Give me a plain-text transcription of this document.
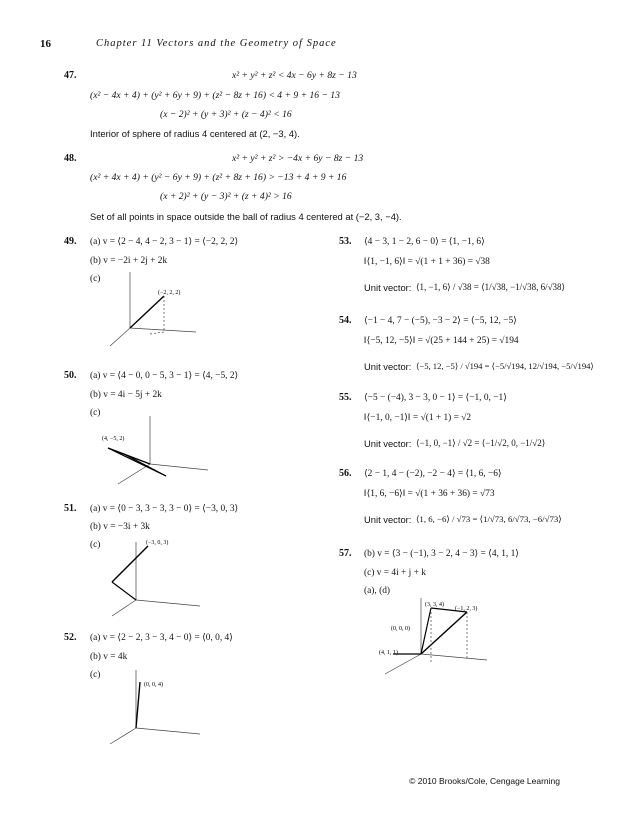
16	Chapter 11 Vectors and the Geometry of Space
47.	x² + y² + z² < 4x − 6y + 8z − 13
(x² − 4x + 4) + (y² + 6y + 9) + (z² − 8z + 16) < 4 + 9 + 16 − 13
(x − 2)² + (y + 3)² + (z − 4)² < 16
Interior of sphere of radius 4 centered at (2, −3, 4).
48.	x² + y² + z² > −4x + 6y − 8z − 13
(x² + 4x + 4) + (y² − 6y + 9) + (z² + 8z + 16) > −13 + 4 + 9 + 16
(x + 2)² + (y − 3)² + (z + 4)² > 16
Set of all points in space outside the ball of radius 4 centered at (−2, 3, −4).
49. (a) v = ⟨2 − 4, 4 − 2, 3 − 1⟩ = ⟨−2, 2, 2⟩
(b) v = −2i + 2j + 2k
(c)
(−2, 2, 2)
50. (a) v = ⟨4 − 0, 0 − 5, 3 − 1⟩ = ⟨4, −5, 2⟩
(b) v = 4i − 5j + 2k
(c)
(4, −5, 2)
51. (a) v = ⟨0 − 3, 3 − 3, 3 − 0⟩ = ⟨−3, 0, 3⟩
(b) v = −3i + 3k
(c)	(−3, 0, 3)
52. (a) v = ⟨2 − 2, 3 − 3, 4 − 0⟩ = ⟨0, 0, 4⟩
(b) v = 4k
(c)
(0, 0, 4)
53. ⟨4 − 3, 1 − 2, 6 − 0⟩ = ⟨1, −1, 6⟩
‖⟨1, −1, 6⟩‖ = √(1 + 1 + 36) = √38
Unit vector: ⟨1, −1, 6⟩ / √38 = ⟨1/√38, −1/√38, 6/√38⟩
54. ⟨−1 − 4, 7 − (−5), −3 − 2⟩ = ⟨−5, 12, −5⟩
‖⟨−5, 12, −5⟩‖ = √(25 + 144 + 25) = √194
Unit vector: ⟨−5, 12, −5⟩ / √194 = ⟨−5/√194, 12/√194, −5/√194⟩
55. ⟨−5 − (−4), 3 − 3, 0 − 1⟩ = ⟨−1, 0, −1⟩
‖⟨−1, 0, −1⟩‖ = √(1 + 1) = √2
Unit vector: ⟨−1, 0, −1⟩ / √2 = ⟨−1/√2, 0, −1/√2⟩
56. ⟨2 − 1, 4 − (−2), −2 − 4⟩ = ⟨1, 6, −6⟩
‖⟨1, 6, −6⟩‖ = √(1 + 36 + 36) = √73
Unit vector: ⟨1, 6, −6⟩ / √73 = ⟨1/√73, 6/√73, −6/√73⟩
57. (b) v = ⟨3 − (−1), 3 − 2, 4 − 3⟩ = ⟨4, 1, 1⟩
(c) v = 4i + j + k
(a), (d)
(3, 3, 4)
(−1, 2, 3)
(0, 0, 0)
(4, 1, 1)
© 2010 Brooks/Cole, Cengage Learning
